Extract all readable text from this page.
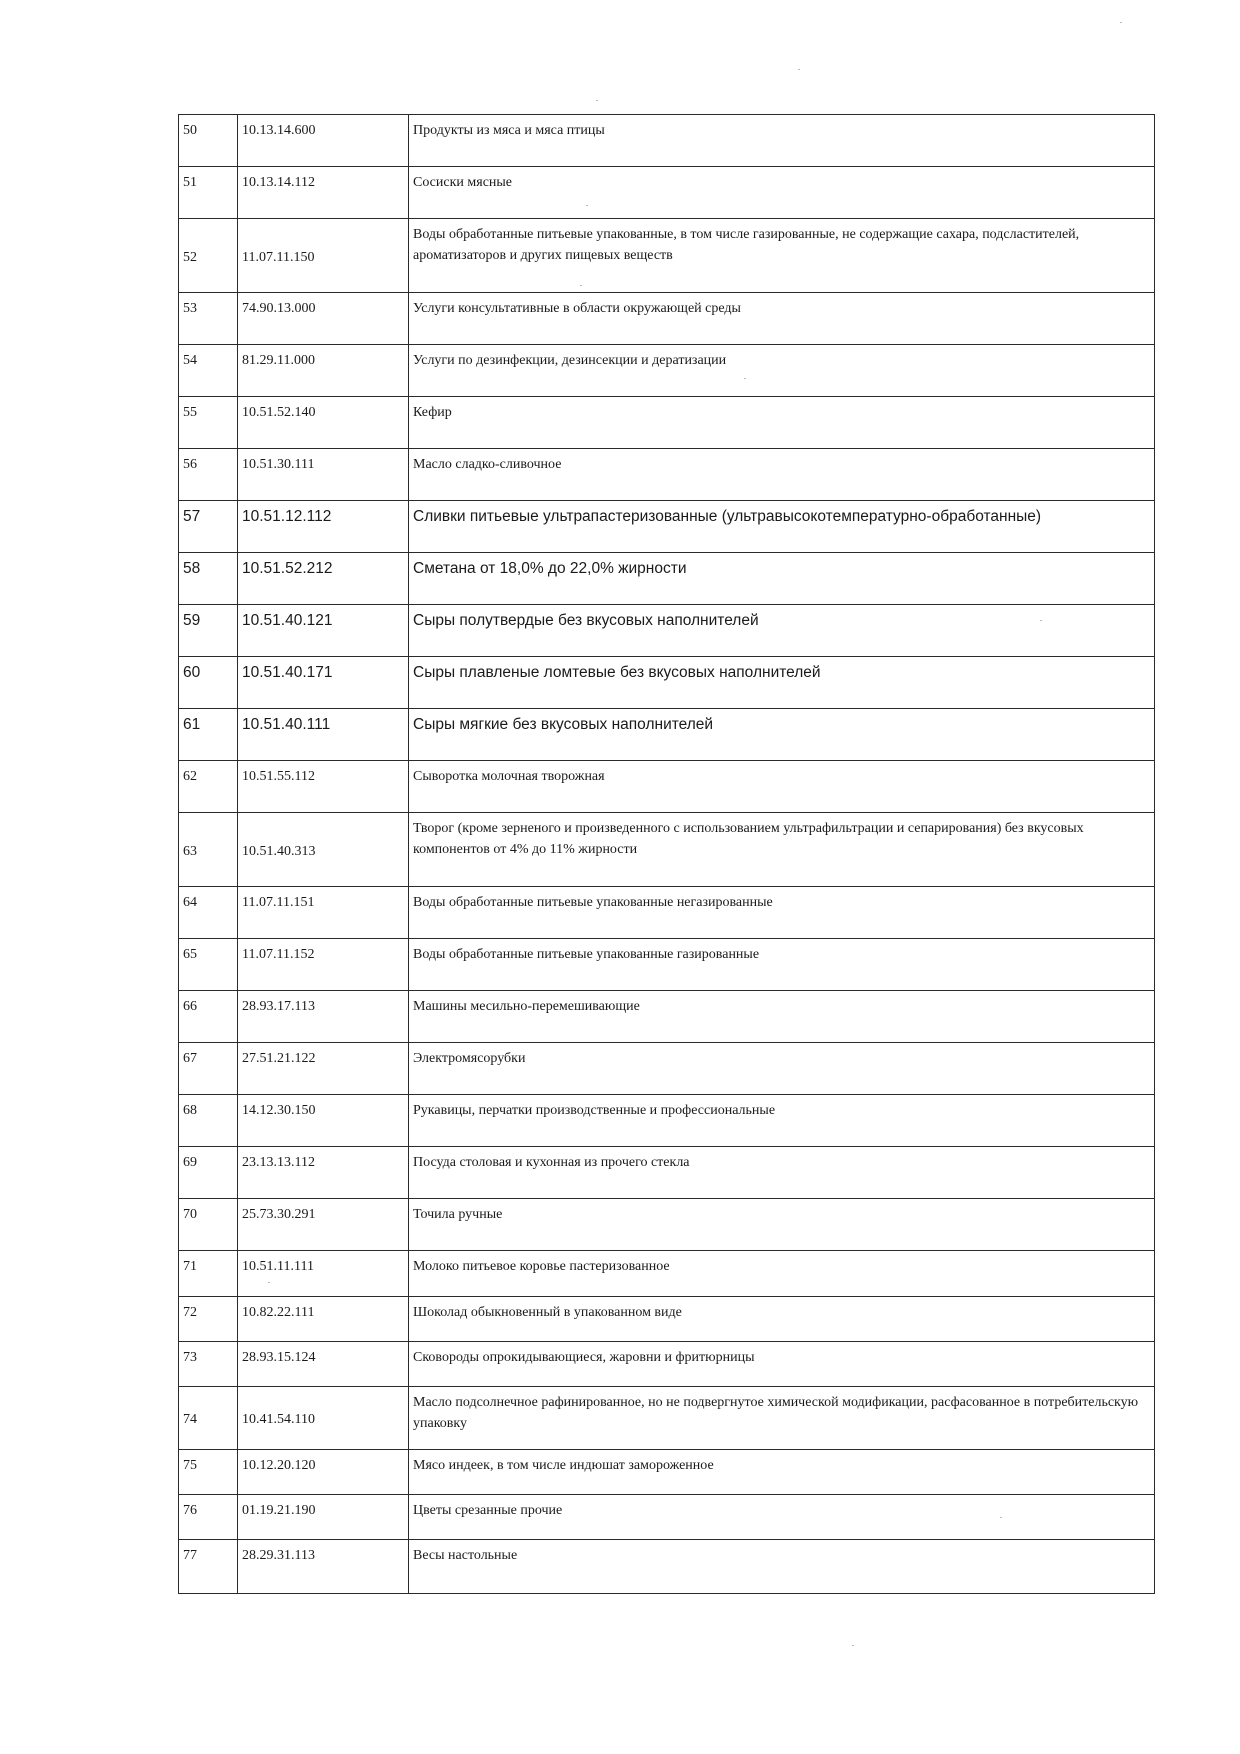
50	10.13.14.600	Продукты из мяса и мяса птицы
51	10.13.14.112	Сосиски мясные
52	11.07.11.150	Воды обработанные питьевые упакованные, в том числе газированные, не содержащие сахара, подсластителей, ароматизаторов и других пищевых веществ
53	74.90.13.000	Услуги консультативные в области окружающей среды
54	81.29.11.000	Услуги по дезинфекции, дезинсекции и дератизации
55	10.51.52.140	Кефир
56	10.51.30.111	Масло сладко-сливочное
57	10.51.12.112	Сливки питьевые ультрапастеризованные (ультравысокотемпературно-обработанные)
58	10.51.52.212	Сметана от 18,0% до 22,0% жирности
59	10.51.40.121	Сыры полутвердые без вкусовых наполнителей
60	10.51.40.171	Сыры плавленые ломтевые без вкусовых наполнителей
61	10.51.40.111	Сыры мягкие без вкусовых наполнителей
62	10.51.55.112	Сыворотка молочная творожная
63	10.51.40.313	Творог (кроме зерненого и произведенного с использованием ультрафильтрации и сепарирования) без вкусовых компонентов от 4% до 11% жирности
64	11.07.11.151	Воды обработанные питьевые упакованные негазированные
65	11.07.11.152	Воды обработанные питьевые упакованные газированные
66	28.93.17.113	Машины месильно-перемешивающие
67	27.51.21.122	Электромясорубки
68	14.12.30.150	Рукавицы, перчатки производственные и профессиональные
69	23.13.13.112	Посуда столовая и кухонная из прочего стекла
70	25.73.30.291	Точила ручные
71	10.51.11.111	Молоко питьевое коровье пастеризованное
72	10.82.22.111	Шоколад обыкновенный в упакованном виде
73	28.93.15.124	Сковороды опрокидывающиеся, жаровни и фритюрницы
74	10.41.54.110	Масло подсолнечное рафинированное, но не подвергнутое химической модификации, расфасованное в потребительскую упаковку
75	10.12.20.120	Мясо индеек, в том числе индюшат замороженное
76	01.19.21.190	Цветы срезанные прочие
77	28.29.31.113	Весы настольные
